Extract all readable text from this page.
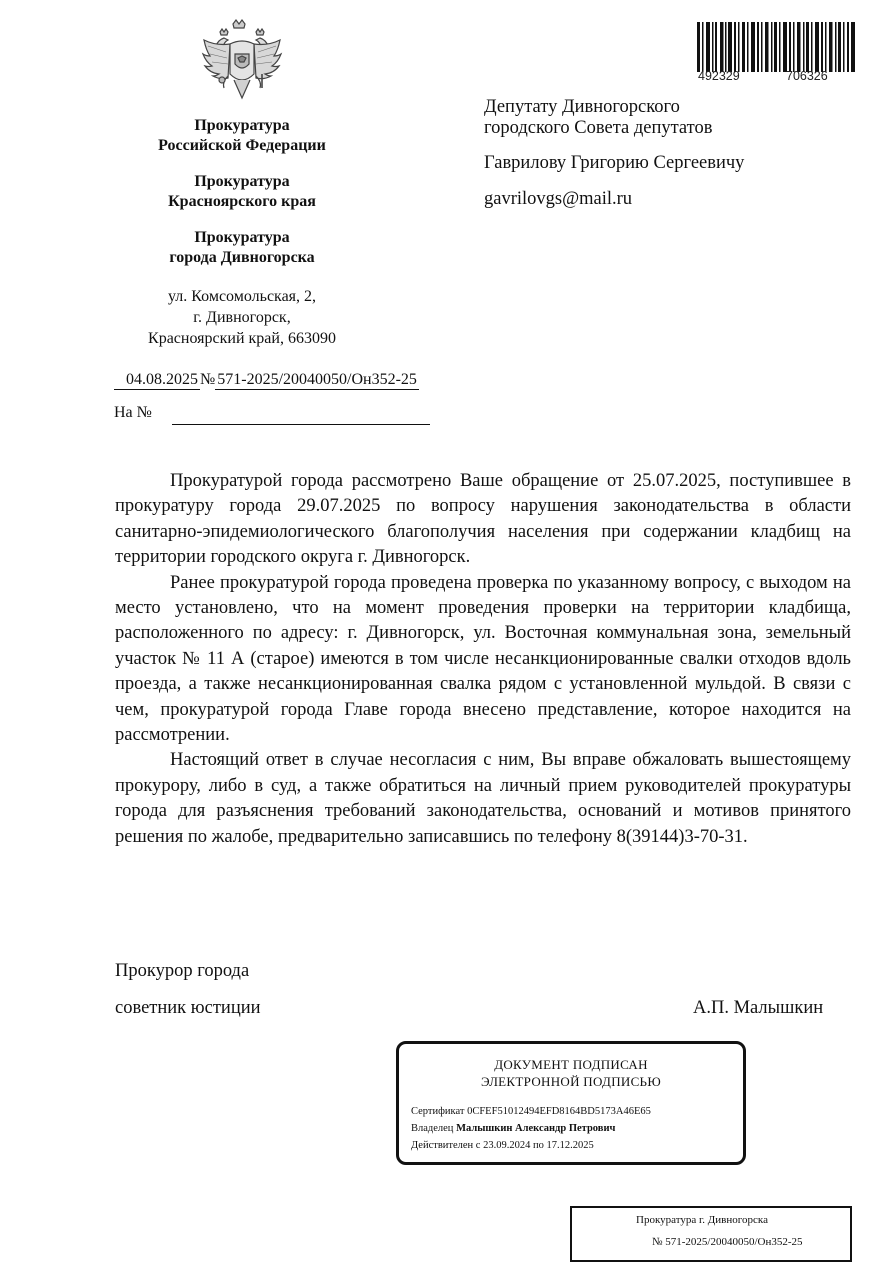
492329	706326
Прокуратура
Российской Федерации
Прокуратура
Красноярского края
Прокуратура
города Дивногорска
ул. Комсомольская, 2,
г. Дивногорск,
Красноярский край, 663090
04.08.2025 № 571-2025/20040050/Он352-25
На №
Депутату Дивногорского
городского Совета депутатов
Гаврилову Григорию Сергеевичу
gavrilovgs@mail.ru

Прокуратурой города рассмотрено Ваше обращение от 25.07.2025, поступившее в прокуратуру города 29.07.2025 по вопросу нарушения законодательства в области санитарно-эпидемиологического благополучия населения при содержании кладбищ на территории городского округа г. Дивногорск.

Ранее прокуратурой города проведена проверка по указанному вопросу, с выходом на место установлено, что на момент проведения проверки на территории кладбища, расположенного по адресу: г. Дивногорск, ул. Восточная коммунальная зона, земельный участок № 11 А (старое) имеются в том числе несанкционированные свалки отходов вдоль проезда, а также несанкционированная свалка рядом с установленной мульдой. В связи с чем, прокуратурой города Главе города внесено представление, которое находится на рассмотрении.

Настоящий ответ в случае несогласия с ним, Вы вправе обжаловать вышестоящему прокурору, либо в суд, а также обратиться на личный прием руководителей прокуратуры города для разъяснения требований законодательства, оснований и мотивов принятого решения по жалобе, предварительно записавшись по телефону 8(39144)3-70-31.

Прокурор города
советник юстиции	А.П. Малышкин
ДОКУМЕНТ ПОДПИСАН
ЭЛЕКТРОННОЙ ПОДПИСЬЮ
Сертификат 0CFEF51012494EFD8164BD5173A46E65
Владелец Малышкин Александр Петрович
Действителен с 23.09.2024 по 17.12.2025
Прокуратура г. Дивногорска
№ 571-2025/20040050/Он352-25
